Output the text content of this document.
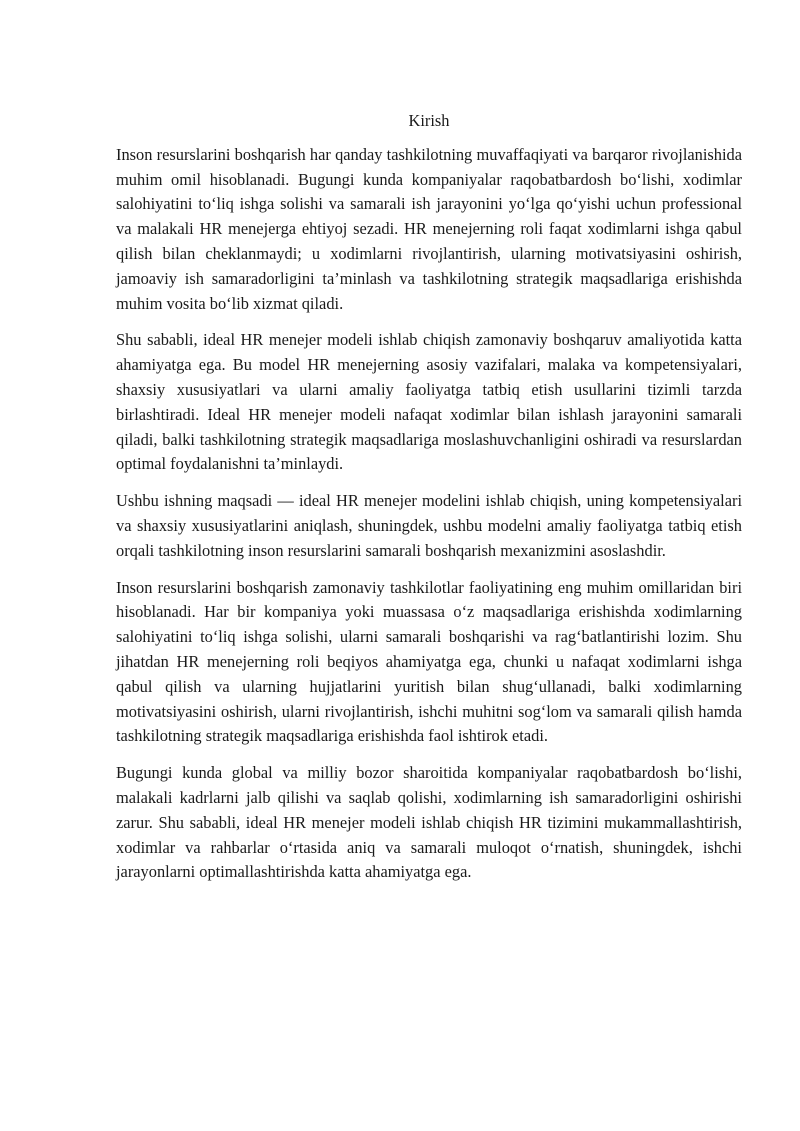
Kirish

Inson resurslarini boshqarish har qanday tashkilotning muvaffaqiyati va barqaror rivojlanishida muhim omil hisoblanadi. Bugungi kunda kompaniyalar raqobatbardosh bo‘lishi, xodimlar salohiyatini to‘liq ishga solishi va samarali ish jarayonini yo‘lga qo‘yishi uchun professional va malakali HR menejerga ehtiyoj sezadi. HR menejerning roli faqat xodimlarni ishga qabul qilish bilan cheklanmaydi; u xodimlarni rivojlantirish, ularning motivatsiyasini oshirish, jamoaviy ish samaradorligini ta’minlash va tashkilotning strategik maqsadlariga erishishda muhim vosita bo‘lib xizmat qiladi.

Shu sababli, ideal HR menejer modeli ishlab chiqish zamonaviy boshqaruv amaliyotida katta ahamiyatga ega. Bu model HR menejerning asosiy vazifalari, malaka va kompetensiyalari, shaxsiy xususiyatlari va ularni amaliy faoliyatga tatbiq etish usullarini tizimli tarzda birlashtiradi. Ideal HR menejer modeli nafaqat xodimlar bilan ishlash jarayonini samarali qiladi, balki tashkilotning strategik maqsadlariga moslashuvchanligini oshiradi va resurslardan optimal foydalanishni ta’minlaydi.

Ushbu ishning maqsadi — ideal HR menejer modelini ishlab chiqish, uning kompetensiyalari va shaxsiy xususiyatlarini aniqlash, shuningdek, ushbu modelni amaliy faoliyatga tatbiq etish orqali tashkilotning inson resurslarini samarali boshqarish mexanizmini asoslashdir.

Inson resurslarini boshqarish zamonaviy tashkilotlar faoliyatining eng muhim omillaridan biri hisoblanadi. Har bir kompaniya yoki muassasa o‘z maqsadlariga erishishda xodimlarning salohiyatini to‘liq ishga solishi, ularni samarali boshqarishi va rag‘batlantirishi lozim. Shu jihatdan HR menejerning roli beqiyos ahamiyatga ega, chunki u nafaqat xodimlarni ishga qabul qilish va ularning hujjatlarini yuritish bilan shug‘ullanadi, balki xodimlarning motivatsiyasini oshirish, ularni rivojlantirish, ishchi muhitni sog‘lom va samarali qilish hamda tashkilotning strategik maqsadlariga erishishda faol ishtirok etadi.

Bugungi kunda global va milliy bozor sharoitida kompaniyalar raqobatbardosh bo‘lishi, malakali kadrlarni jalb qilishi va saqlab qolishi, xodimlarning ish samaradorligini oshirishi zarur. Shu sababli, ideal HR menejer modeli ishlab chiqish HR tizimini mukammallashtirish, xodimlar va rahbarlar o‘rtasida aniq va samarali muloqot o‘rnatish, shuningdek, ishchi jarayonlarni optimallashtirishda katta ahamiyatga ega.
